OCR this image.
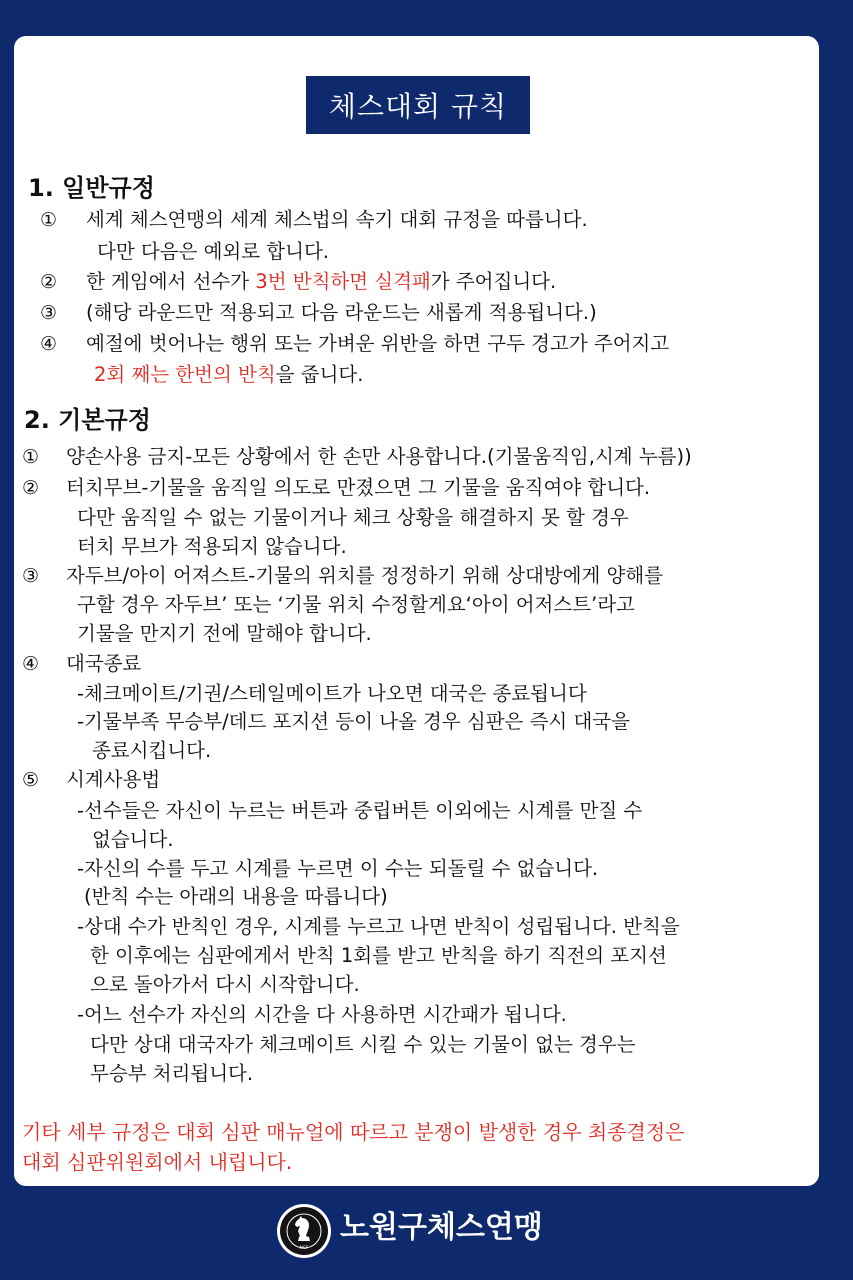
체스대회 규칙
1. 일반규정
① 세계 체스연맹의 세계 체스법의 속기 대회 규정을 따릅니다.
다만 다음은 예외로 합니다.
② 한 게임에서 선수가 3번 반칙하면 실격패가 주어집니다.
③ (해당 라운드만 적용되고 다음 라운드는 새롭게 적용됩니다.)
④ 예절에 벗어나는 행위 또는 가벼운 위반을 하면 구두 경고가 주어지고
2회 째는 한번의 반칙을 줍니다.
2. 기본규정
① 양손사용 금지-모든 상황에서 한 손만 사용합니다.(기물움직임,시계 누름))
② 터치무브-기물을 움직일 의도로 만졌으면 그 기물을 움직여야 합니다.
다만 움직일 수 없는 기물이거나 체크 상황을 해결하지 못 할 경우
터치 무브가 적용되지 않습니다.
③ 자두브/아이 어져스트-기물의 위치를 정정하기 위해 상대방에게 양해를
구할 경우 자두브’ 또는 ‘기물 위치 수정할게요‘아이 어저스트’라고
기물을 만지기 전에 말해야 합니다.
④ 대국종료
-체크메이트/기권/스테일메이트가 나오면 대국은 종료됩니다
-기물부족 무승부/데드 포지션 등이 나올 경우 심판은 즉시 대국을
종료시킵니다.
⑤ 시계사용법
-선수들은 자신이 누르는 버튼과 중립버튼 이외에는 시계를 만질 수
없습니다.
-자신의 수를 두고 시계를 누르면 이 수는 되돌릴 수 없습니다.
(반칙 수는 아래의 내용을 따릅니다)
-상대 수가 반칙인 경우, 시계를 누르고 나면 반칙이 성립됩니다. 반칙을
한 이후에는 심판에게서 반칙 1회를 받고 반칙을 하기 직전의 포지션
으로 돌아가서 다시 시작합니다.
-어느 선수가 자신의 시간을 다 사용하면 시간패가 됩니다.
다만 상대 대국자가 체크메이트 시킬 수 있는 기물이 없는 경우는
무승부 처리됩니다.
기타 세부 규정은 대회 심판 매뉴얼에 따르고 분쟁이 발생한 경우 최종결정은
대회 심판위원회에서 내립니다.
NCF
노원구체스연맹
